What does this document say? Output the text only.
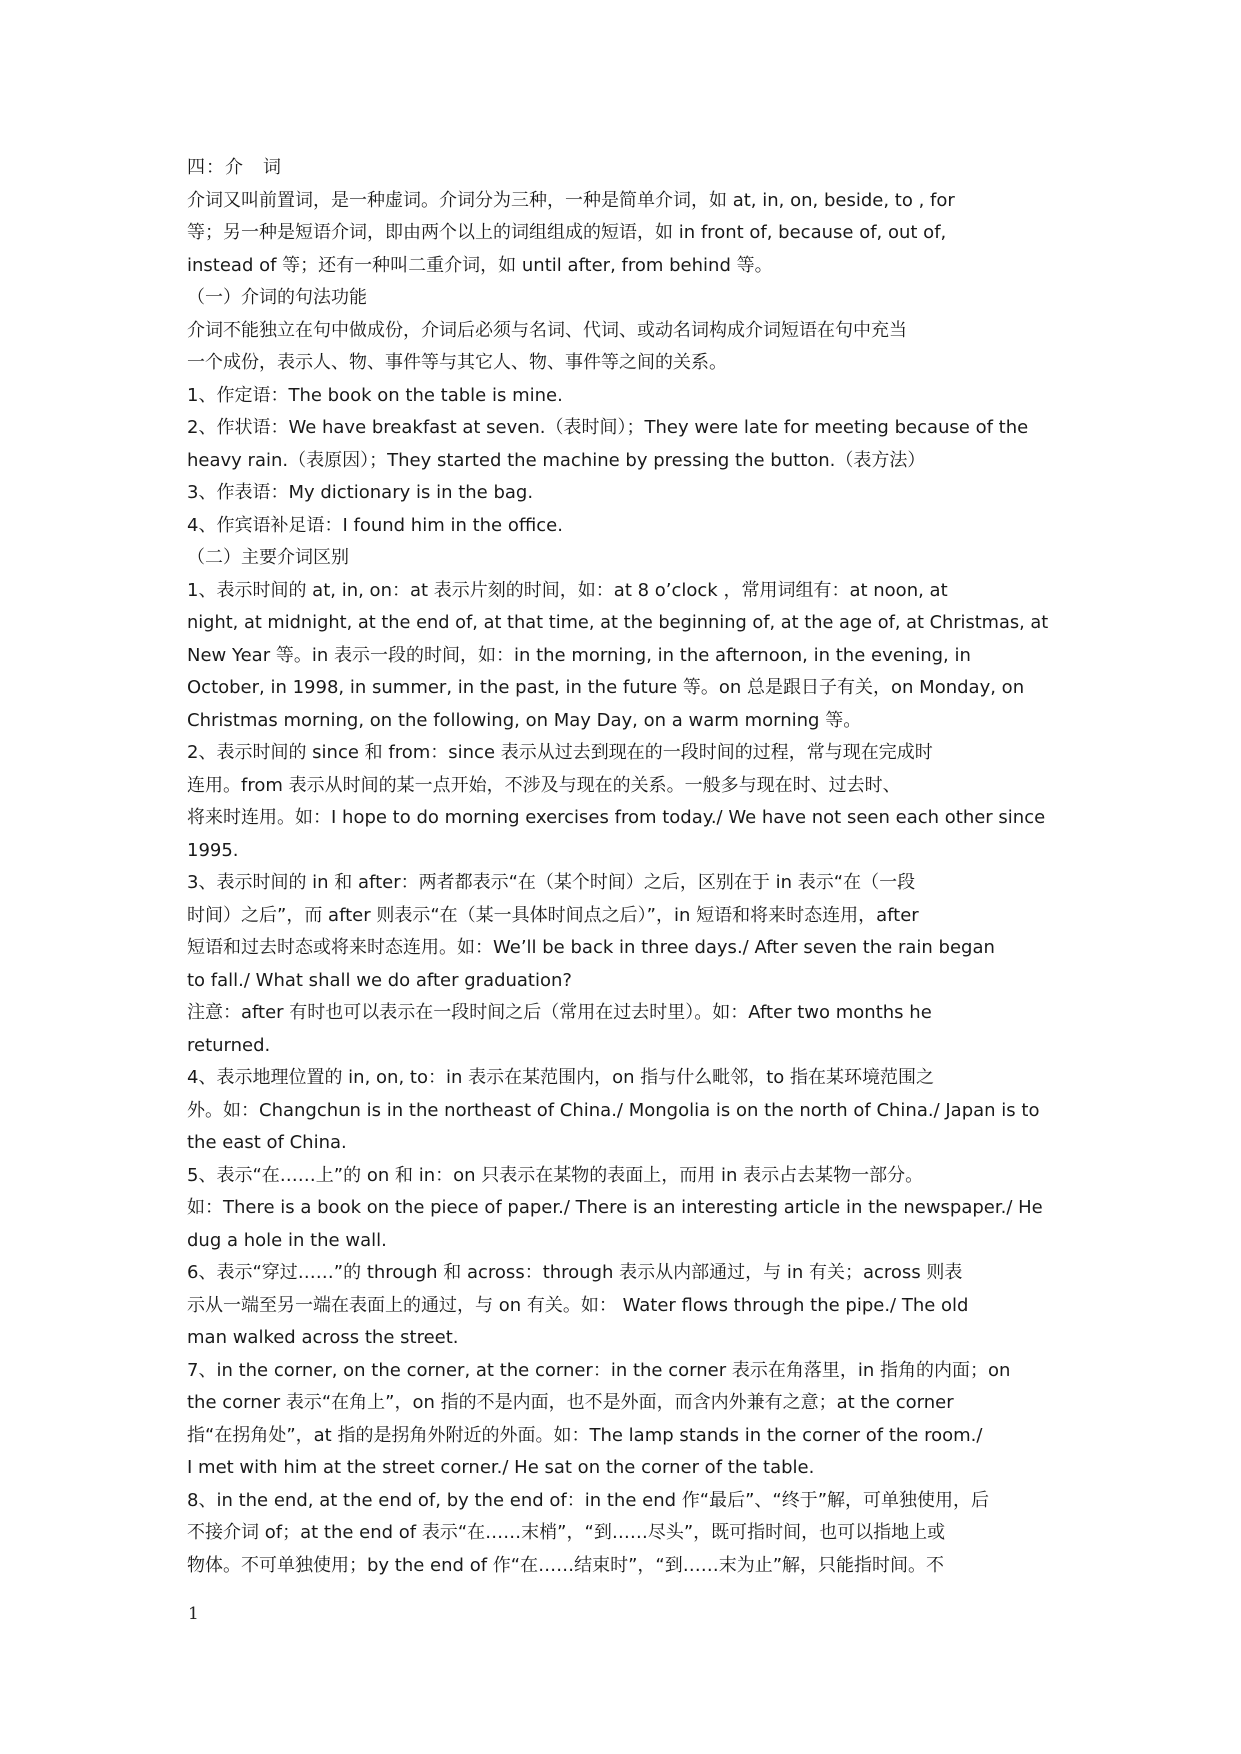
四：介　词
介词又叫前置词，是一种虚词。介词分为三种，一种是简单介词，如 at, in, on, beside, to , for
等；另一种是短语介词，即由两个以上的词组组成的短语，如 in front of, because of, out of,
instead of 等；还有一种叫二重介词，如 until after, from behind 等。
（一）介词的句法功能
介词不能独立在句中做成份，介词后必须与名词、代词、或动名词构成介词短语在句中充当
一个成份，表示人、物、事件等与其它人、物、事件等之间的关系。
1、作定语：The book on the table is mine.
2、作状语：We have breakfast at seven.（表时间）；They were late for meeting because of the
heavy rain.（表原因）；They started the machine by pressing the button.（表方法）
3、作表语：My dictionary is in the bag.
4、作宾语补足语：I found him in the office.
（二）主要介词区别
1、表示时间的 at, in, on：at 表示片刻的时间，如：at 8 o’clock ，常用词组有：at noon, at
night, at midnight, at the end of, at that time, at the beginning of, at the age of, at Christmas, at
New Year 等。in 表示一段的时间，如：in the morning, in the afternoon, in the evening, in
October, in 1998, in summer, in the past, in the future 等。on 总是跟日子有关，on Monday, on
Christmas morning, on the following, on May Day, on a warm morning 等。
2、表示时间的 since 和 from：since 表示从过去到现在的一段时间的过程，常与现在完成时
连用。from 表示从时间的某一点开始，不涉及与现在的关系。一般多与现在时、过去时、
将来时连用。如：I hope to do morning exercises from today./ We have not seen each other since
1995.
3、表示时间的 in 和 after：两者都表示“在（某个时间）之后，区别在于 in 表示“在（一段
时间）之后”，而 after 则表示“在（某一具体时间点之后）”，in 短语和将来时态连用，after
短语和过去时态或将来时态连用。如：We’ll be back in three days./ After seven the rain began
to fall./ What shall we do after graduation?
注意：after 有时也可以表示在一段时间之后（常用在过去时里）。如：After two months he
returned.
4、表示地理位置的 in, on, to：in 表示在某范围内，on 指与什么毗邻，to 指在某环境范围之
外。如：Changchun is in the northeast of China./ Mongolia is on the north of China./ Japan is to
the east of China.
5、表示“在……上”的 on 和 in：on 只表示在某物的表面上，而用 in 表示占去某物一部分。
如：There is a book on the piece of paper./ There is an interesting article in the newspaper./ He
dug a hole in the wall.
6、表示“穿过……”的 through 和 across：through 表示从内部通过，与 in 有关；across 则表
示从一端至另一端在表面上的通过，与 on 有关。如： Water flows through the pipe./ The old
man walked across the street.
7、in the corner, on the corner, at the corner：in the corner 表示在角落里，in 指角的内面；on
the corner 表示“在角上”，on 指的不是内面，也不是外面，而含内外兼有之意；at the corner
指“在拐角处”，at 指的是拐角外附近的外面。如：The lamp stands in the corner of the room./
I met with him at the street corner./ He sat on the corner of the table.
8、in the end, at the end of, by the end of：in the end 作“最后”、“终于”解，可单独使用，后
不接介词 of；at the end of 表示“在……末梢”，“到……尽头”，既可指时间，也可以指地上或
物体。不可单独使用；by the end of 作“在……结束时”，“到……末为止”解，只能指时间。不
1
